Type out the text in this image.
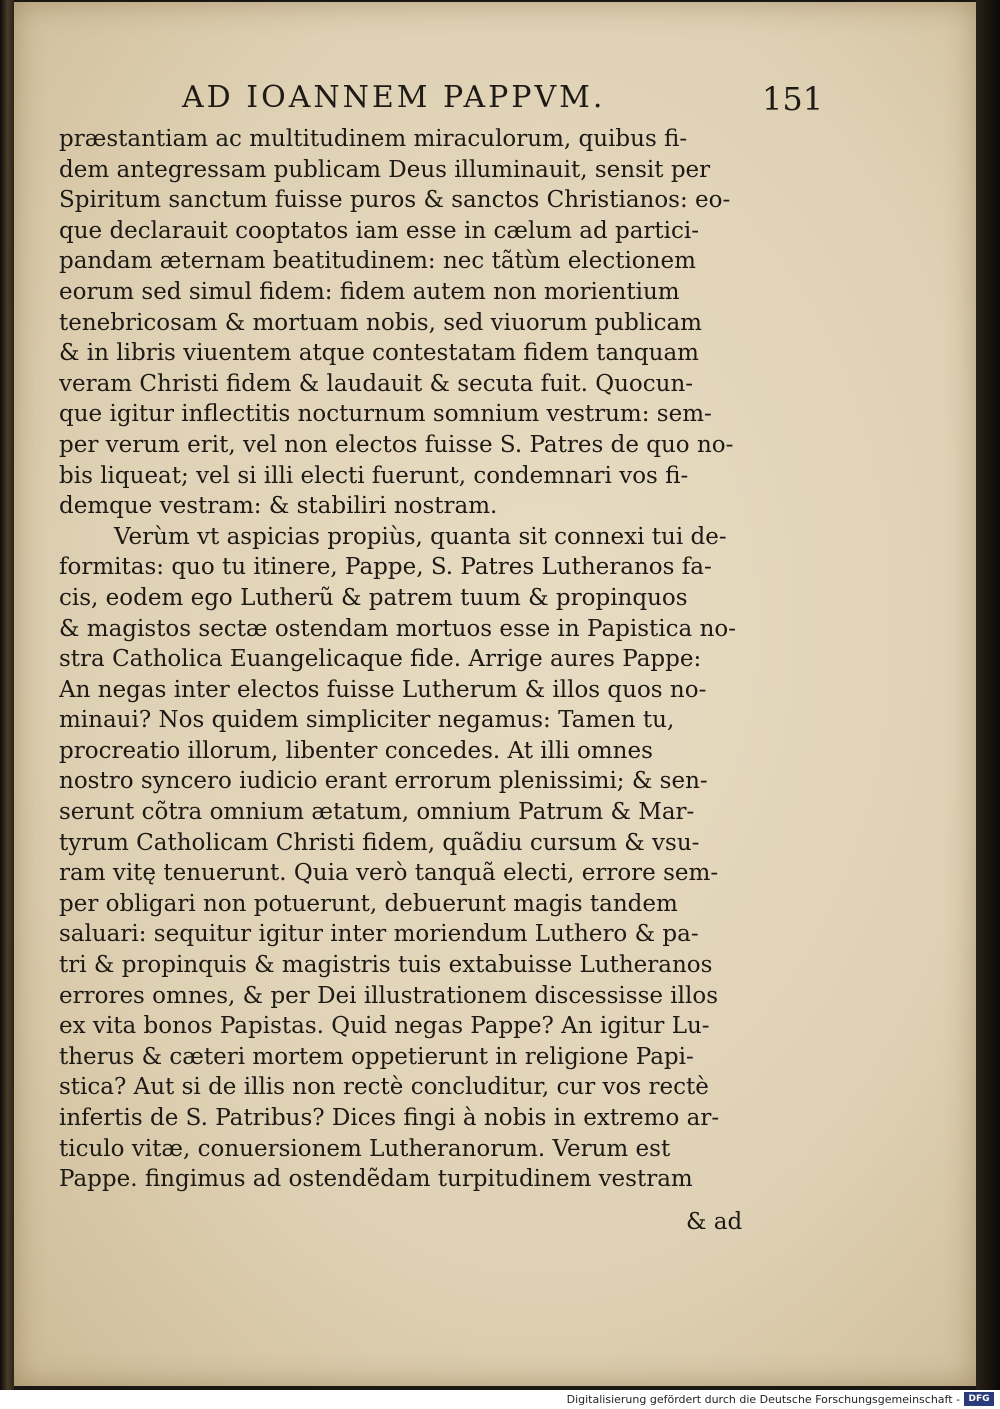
AD IOANNEM PAPPVM.	151
præstantiam ac multitudinem miraculorum, quibus fi-
dem antegressam publicam Deus illuminauit, sensit per
Spiritum sanctum fuisse puros & sanctos Christianos: eo-
que declarauit cooptatos iam esse in cælum ad partici-
pandam æternam beatitudinem: nec tãtùm electionem
eorum sed simul fidem: fidem autem non morientium
tenebricosam & mortuam nobis, sed viuorum publicam
& in libris viuentem atque contestatam fidem tanquam
veram Christi fidem & laudauit & secuta fuit. Quocun-
que igitur inflectitis nocturnum somnium vestrum: sem-
per verum erit, vel non electos fuisse S. Patres de quo no-
bis liqueat; vel si illi electi fuerunt, condemnari vos fi-
demque vestram: & stabiliri nostram.
Verùm vt aspicias propiùs, quanta sit connexi tui de-
formitas: quo tu itinere, Pappe, S. Patres Lutheranos fa-
cis, eodem ego Lutherũ & patrem tuum & propinquos
& magistos sectæ ostendam mortuos esse in Papistica no-
stra Catholica Euangelicaque fide. Arrige aures Pappe:
An negas inter electos fuisse Lutherum & illos quos no-
minaui? Nos quidem simpliciter negamus: Tamen tu,
procreatio illorum, libenter concedes. At illi omnes
nostro syncero iudicio erant errorum plenissimi; & sen-
serunt cõtra omnium ætatum, omnium Patrum & Mar-
tyrum Catholicam Christi fidem, quãdiu cursum & vsu-
ram vitę tenuerunt. Quia verò tanquã electi, errore sem-
per obligari non potuerunt, debuerunt magis tandem
saluari: sequitur igitur inter moriendum Luthero & pa-
tri & propinquis & magistris tuis extabuisse Lutheranos
errores omnes, & per Dei illustrationem discessisse illos
ex vita bonos Papistas. Quid negas Pappe? An igitur Lu-
therus & cæteri mortem oppetierunt in religione Papi-
stica? Aut si de illis non rectè concluditur, cur vos rectè
infertis de S. Patribus? Dices fingi à nobis in extremo ar-
ticulo vitæ, conuersionem Lutheranorum. Verum est
Pappe. fingimus ad ostendẽdam turpitudinem vestram
& ad
Digitalisierung gefördert durch die Deutsche Forschungsgemeinschaft - DFG
